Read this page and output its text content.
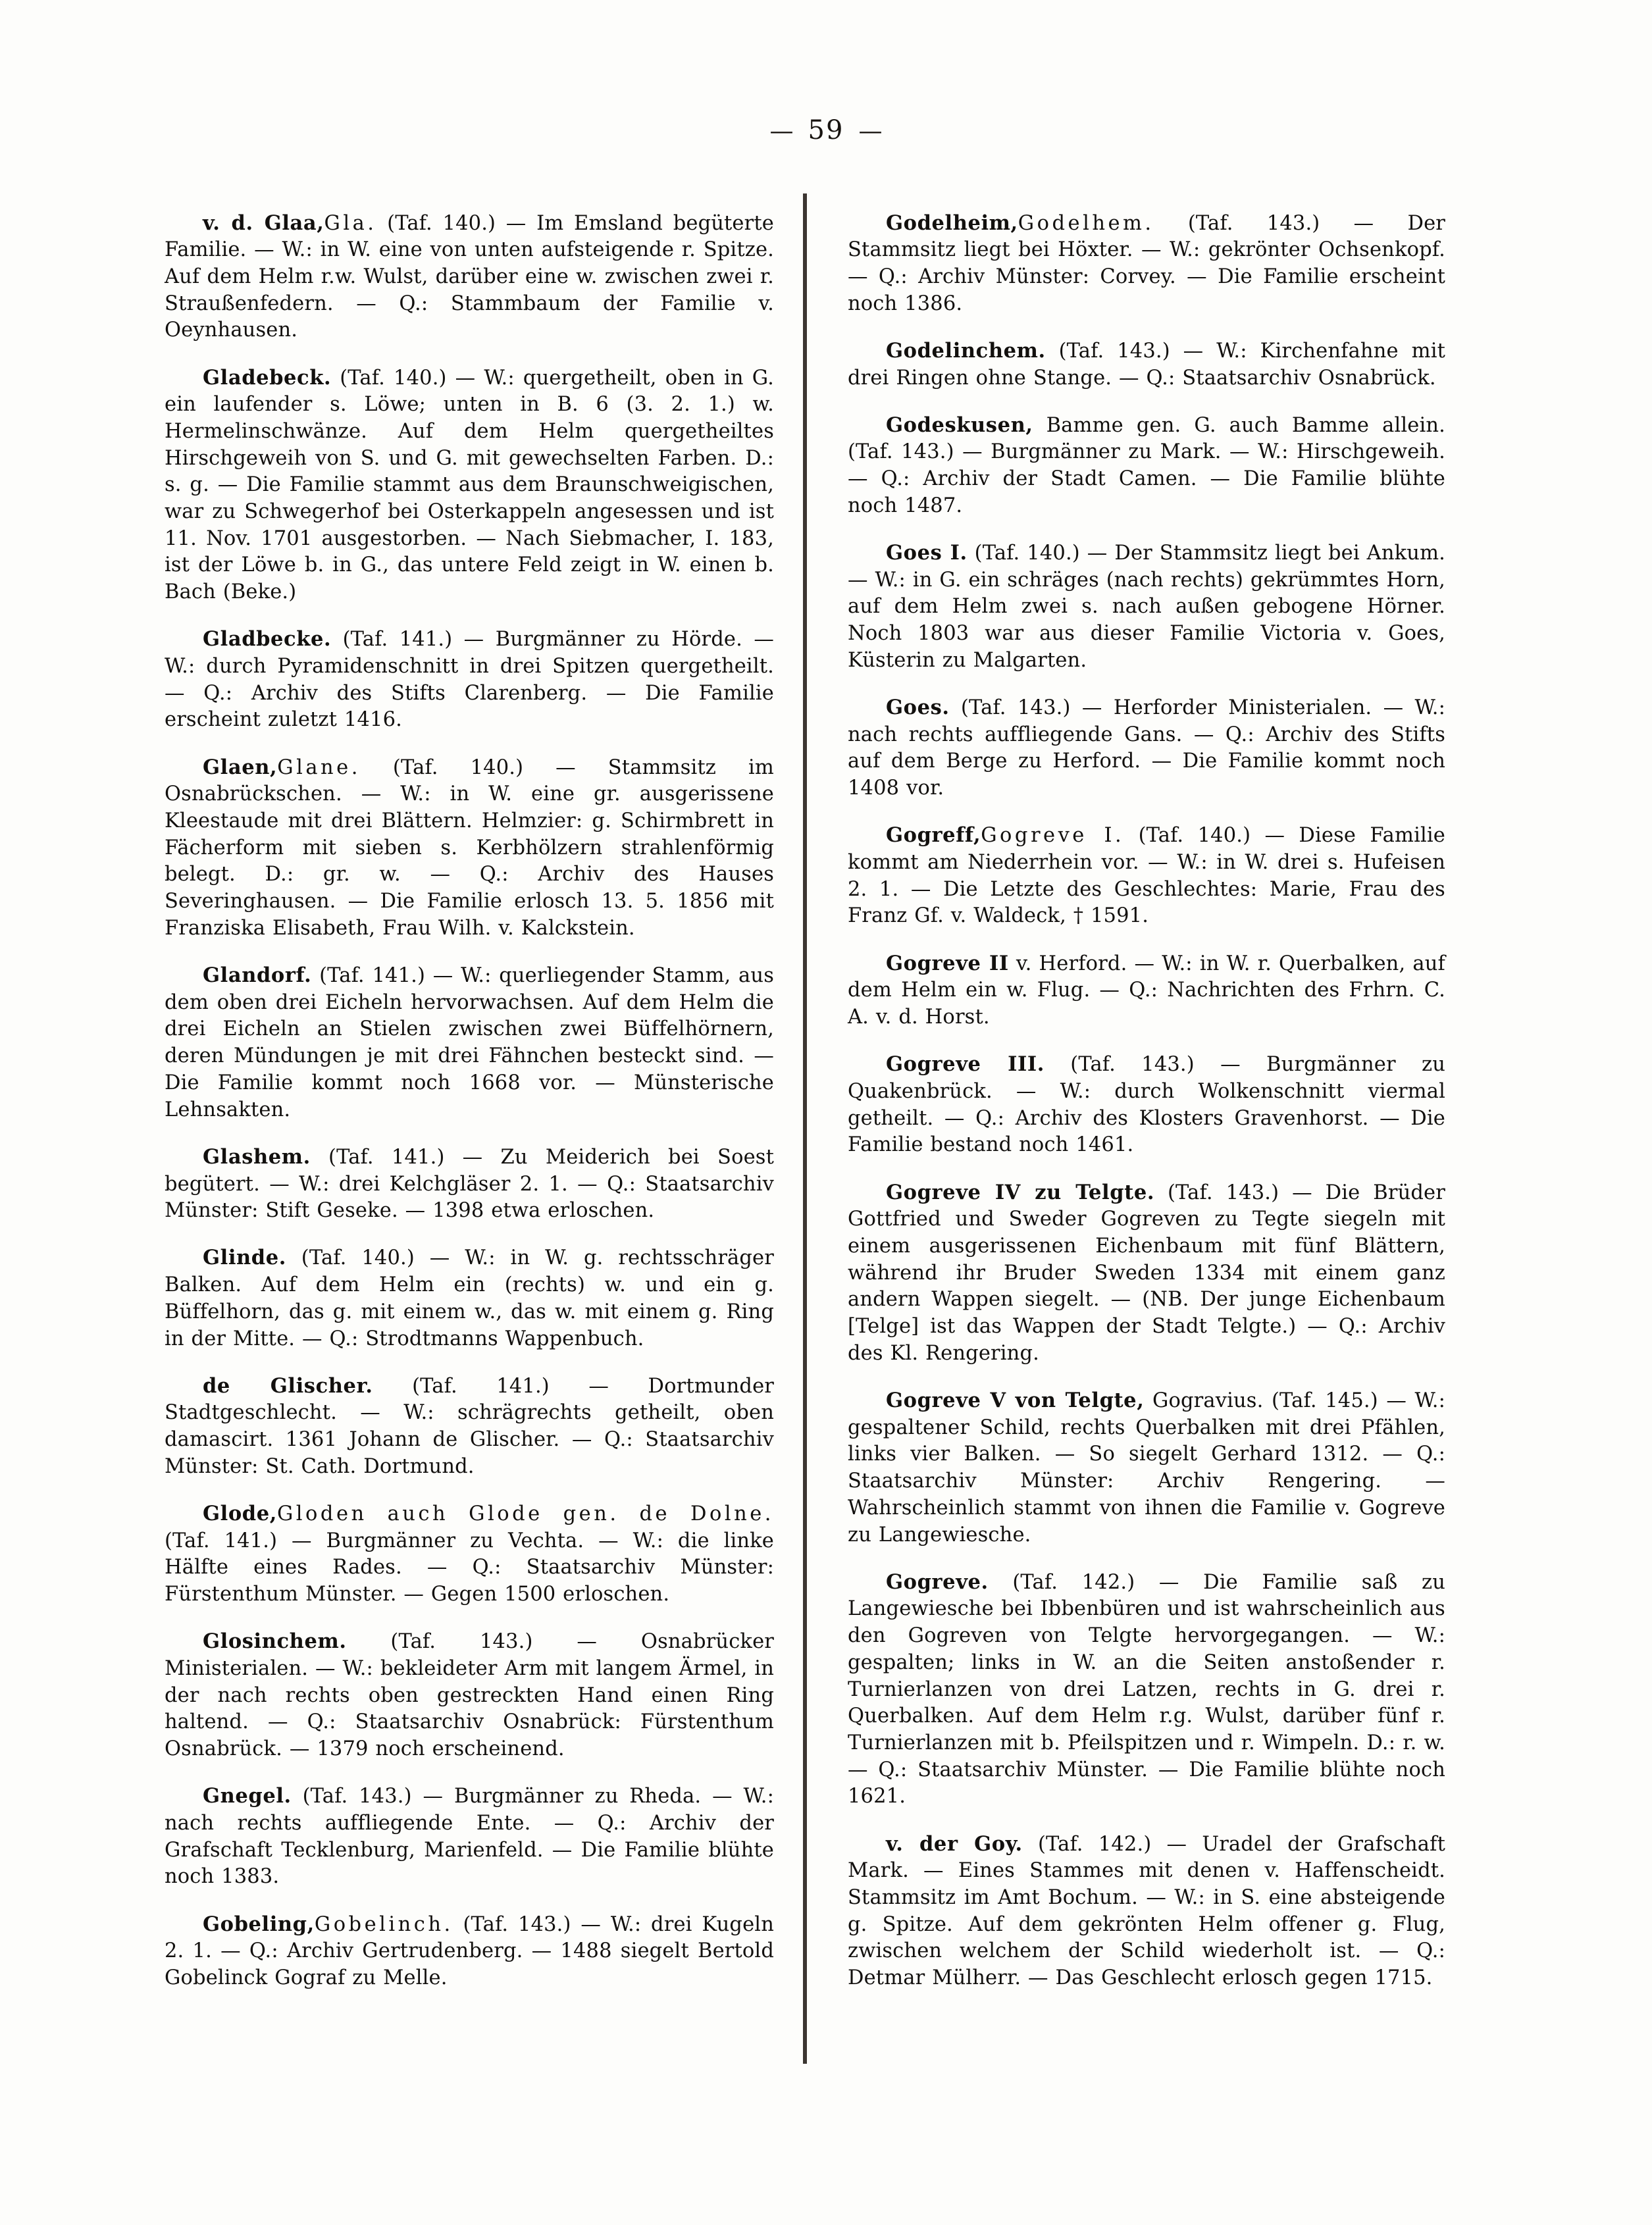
— 59 —

v. d. Glaa,Gla. (Taf. 140.) — Im Emsland begüterte Familie. — W.: in W. eine von unten aufsteigende r. Spitze. Auf dem Helm r.w. Wulst, darüber eine w. zwischen zwei r. Straußenfedern. — Q.: Stammbaum der Familie v. Oeynhausen.

Gladebeck. (Taf. 140.) — W.: quergetheilt, oben in G. ein laufender s. Löwe; unten in B. 6 (3. 2. 1.) w. Hermelinschwänze. Auf dem Helm quergetheiltes Hirschgeweih von S. und G. mit gewechselten Farben. D.: s. g. — Die Familie stammt aus dem Braunschweigischen, war zu Schwegerhof bei Osterkappeln angesessen und ist 11. Nov. 1701 ausgestorben. — Nach Siebmacher, I. 183, ist der Löwe b. in G., das untere Feld zeigt in W. einen b. Bach (Beke.)

Gladbecke. (Taf. 141.) — Burgmänner zu Hörde. — W.: durch Pyramidenschnitt in drei Spitzen quergetheilt. — Q.: Archiv des Stifts Clarenberg. — Die Familie erscheint zuletzt 1416.

Glaen,Glane. (Taf. 140.) — Stammsitz im Osnabrückschen. — W.: in W. eine gr. ausgerissene Kleestaude mit drei Blättern. Helmzier: g. Schirmbrett in Fächerform mit sieben s. Kerbhölzern strahlenförmig belegt. D.: gr. w. — Q.: Archiv des Hauses Severinghausen. — Die Familie erlosch 13. 5. 1856 mit Franziska Elisabeth, Frau Wilh. v. Kalckstein.

Glandorf. (Taf. 141.) — W.: querliegender Stamm, aus dem oben drei Eicheln hervorwachsen. Auf dem Helm die drei Eicheln an Stielen zwischen zwei Büffelhörnern, deren Mündungen je mit drei Fähnchen besteckt sind. — Die Familie kommt noch 1668 vor. — Münsterische Lehnsakten.

Glashem. (Taf. 141.) — Zu Meiderich bei Soest begütert. — W.: drei Kelchgläser 2. 1. — Q.: Staatsarchiv Münster: Stift Geseke. — 1398 etwa erloschen.

Glinde. (Taf. 140.) — W.: in W. g. rechtsschräger Balken. Auf dem Helm ein (rechts) w. und ein g. Büffelhorn, das g. mit einem w., das w. mit einem g. Ring in der Mitte. — Q.: Strodtmanns Wappenbuch.

de Glischer. (Taf. 141.) — Dortmunder Stadtgeschlecht. — W.: schrägrechts getheilt, oben damascirt. 1361 Johann de Glischer. — Q.: Staatsarchiv Münster: St. Cath. Dortmund.

Glode,Gloden auch Glode gen. de Dolne. (Taf. 141.) — Burgmänner zu Vechta. — W.: die linke Hälfte eines Rades. — Q.: Staatsarchiv Münster: Fürstenthum Münster. — Gegen 1500 erloschen.

Glosinchem. (Taf. 143.) — Osnabrücker Ministerialen. — W.: bekleideter Arm mit langem Ärmel, in der nach rechts oben gestreckten Hand einen Ring haltend. — Q.: Staatsarchiv Osnabrück: Fürstenthum Osnabrück. — 1379 noch erscheinend.

Gnegel. (Taf. 143.) — Burgmänner zu Rheda. — W.: nach rechts auffliegende Ente. — Q.: Archiv der Grafschaft Tecklenburg, Marienfeld. — Die Familie blühte noch 1383.

Gobeling,Gobelinch. (Taf. 143.) — W.: drei Kugeln 2. 1. — Q.: Archiv Gertrudenberg. — 1488 siegelt Bertold Gobelinck Gograf zu Melle.

Godelheim,Godelhem. (Taf. 143.) — Der Stammsitz liegt bei Höxter. — W.: gekrönter Ochsenkopf. — Q.: Archiv Münster: Corvey. — Die Familie erscheint noch 1386.

Godelinchem. (Taf. 143.) — W.: Kirchenfahne mit drei Ringen ohne Stange. — Q.: Staatsarchiv Osnabrück.

Godeskusen, Bamme gen. G. auch Bamme allein. (Taf. 143.) — Burgmänner zu Mark. — W.: Hirschgeweih. — Q.: Archiv der Stadt Camen. — Die Familie blühte noch 1487.

Goes I. (Taf. 140.) — Der Stammsitz liegt bei Ankum. — W.: in G. ein schräges (nach rechts) gekrümmtes Horn, auf dem Helm zwei s. nach außen gebogene Hörner. Noch 1803 war aus dieser Familie Victoria v. Goes, Küsterin zu Malgarten.

Goes. (Taf. 143.) — Herforder Ministerialen. — W.: nach rechts auffliegende Gans. — Q.: Archiv des Stifts auf dem Berge zu Herford. — Die Familie kommt noch 1408 vor.

Gogreff,Gogreve I. (Taf. 140.) — Diese Familie kommt am Niederrhein vor. — W.: in W. drei s. Hufeisen 2. 1. — Die Letzte des Geschlechtes: Marie, Frau des Franz Gf. v. Waldeck, † 1591.

Gogreve II v. Herford. — W.: in W. r. Querbalken, auf dem Helm ein w. Flug. — Q.: Nachrichten des Frhrn. C. A. v. d. Horst.

Gogreve III. (Taf. 143.) — Burgmänner zu Quakenbrück. — W.: durch Wolkenschnitt viermal getheilt. — Q.: Archiv des Klosters Gravenhorst. — Die Familie bestand noch 1461.

Gogreve IV zu Telgte. (Taf. 143.) — Die Brüder Gottfried und Sweder Gogreven zu Tegte siegeln mit einem ausgerissenen Eichenbaum mit fünf Blättern, während ihr Bruder Sweden 1334 mit einem ganz andern Wappen siegelt. — (NB. Der junge Eichenbaum [Telge] ist das Wappen der Stadt Telgte.) — Q.: Archiv des Kl. Rengering.

Gogreve V von Telgte, Gogravius. (Taf. 145.) — W.: gespaltener Schild, rechts Querbalken mit drei Pfählen, links vier Balken. — So siegelt Gerhard 1312. — Q.: Staatsarchiv Münster: Archiv Rengering. — Wahrscheinlich stammt von ihnen die Familie v. Gogreve zu Langewiesche.

Gogreve. (Taf. 142.) — Die Familie saß zu Langewiesche bei Ibbenbüren und ist wahrscheinlich aus den Gogreven von Telgte hervorgegangen. — W.: gespalten; links in W. an die Seiten anstoßender r. Turnierlanzen von drei Latzen, rechts in G. drei r. Querbalken. Auf dem Helm r.g. Wulst, darüber fünf r. Turnierlanzen mit b. Pfeilspitzen und r. Wimpeln. D.: r. w. — Q.: Staatsarchiv Münster. — Die Familie blühte noch 1621.

v. der Goy. (Taf. 142.) — Uradel der Grafschaft Mark. — Eines Stammes mit denen v. Haffenscheidt. Stammsitz im Amt Bochum. — W.: in S. eine absteigende g. Spitze. Auf dem gekrönten Helm offener g. Flug, zwischen welchem der Schild wiederholt ist. — Q.: Detmar Mülherr. — Das Geschlecht erlosch gegen 1715.
